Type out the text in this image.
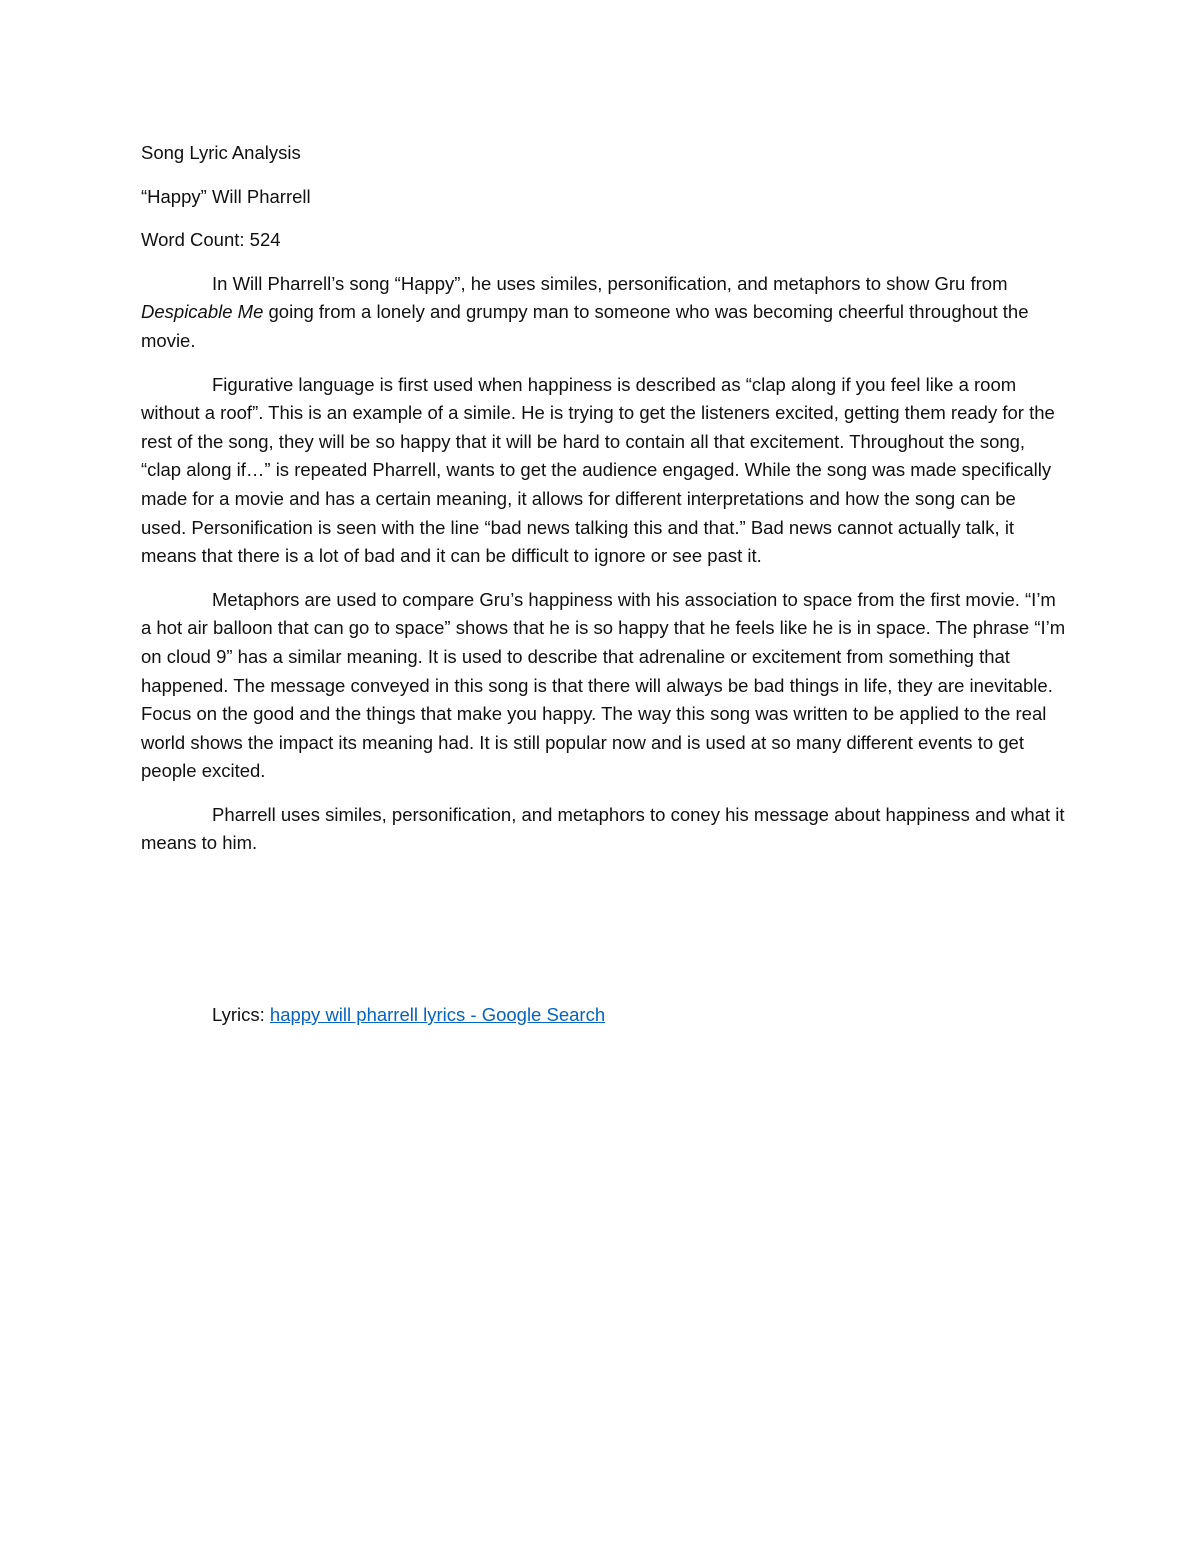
Song Lyric Analysis

“Happy” Will Pharrell

Word Count: 524

In Will Pharrell’s song “Happy”, he uses similes, personification, and metaphors to show Gru from Despicable Me going from a lonely and grumpy man to someone who was becoming cheerful throughout the movie.

Figurative language is first used when happiness is described as “clap along if you feel like a room without a roof”. This is an example of a simile. He is trying to get the listeners excited, getting them ready for the rest of the song, they will be so happy that it will be hard to contain all that excitement. Throughout the song, “clap along if…” is repeated Pharrell, wants to get the audience engaged. While the song was made specifically made for a movie and has a certain meaning, it allows for different interpretations and how the song can be used. Personification is seen with the line “bad news talking this and that.” Bad news cannot actually talk, it means that there is a lot of bad and it can be difficult to ignore or see past it.

Metaphors are used to compare Gru’s happiness with his association to space from the first movie. “I’m a hot air balloon that can go to space” shows that he is so happy that he feels like he is in space. The phrase “I’m on cloud 9” has a similar meaning. It is used to describe that adrenaline or excitement from something that happened. The message conveyed in this song is that there will always be bad things in life, they are inevitable. Focus on the good and the things that make you happy. The way this song was written to be applied to the real world shows the impact its meaning had. It is still popular now and is used at so many different events to get people excited.

Pharrell uses similes, personification, and metaphors to coney his message about happiness and what it means to him.

Lyrics: happy will pharrell lyrics - Google Search
